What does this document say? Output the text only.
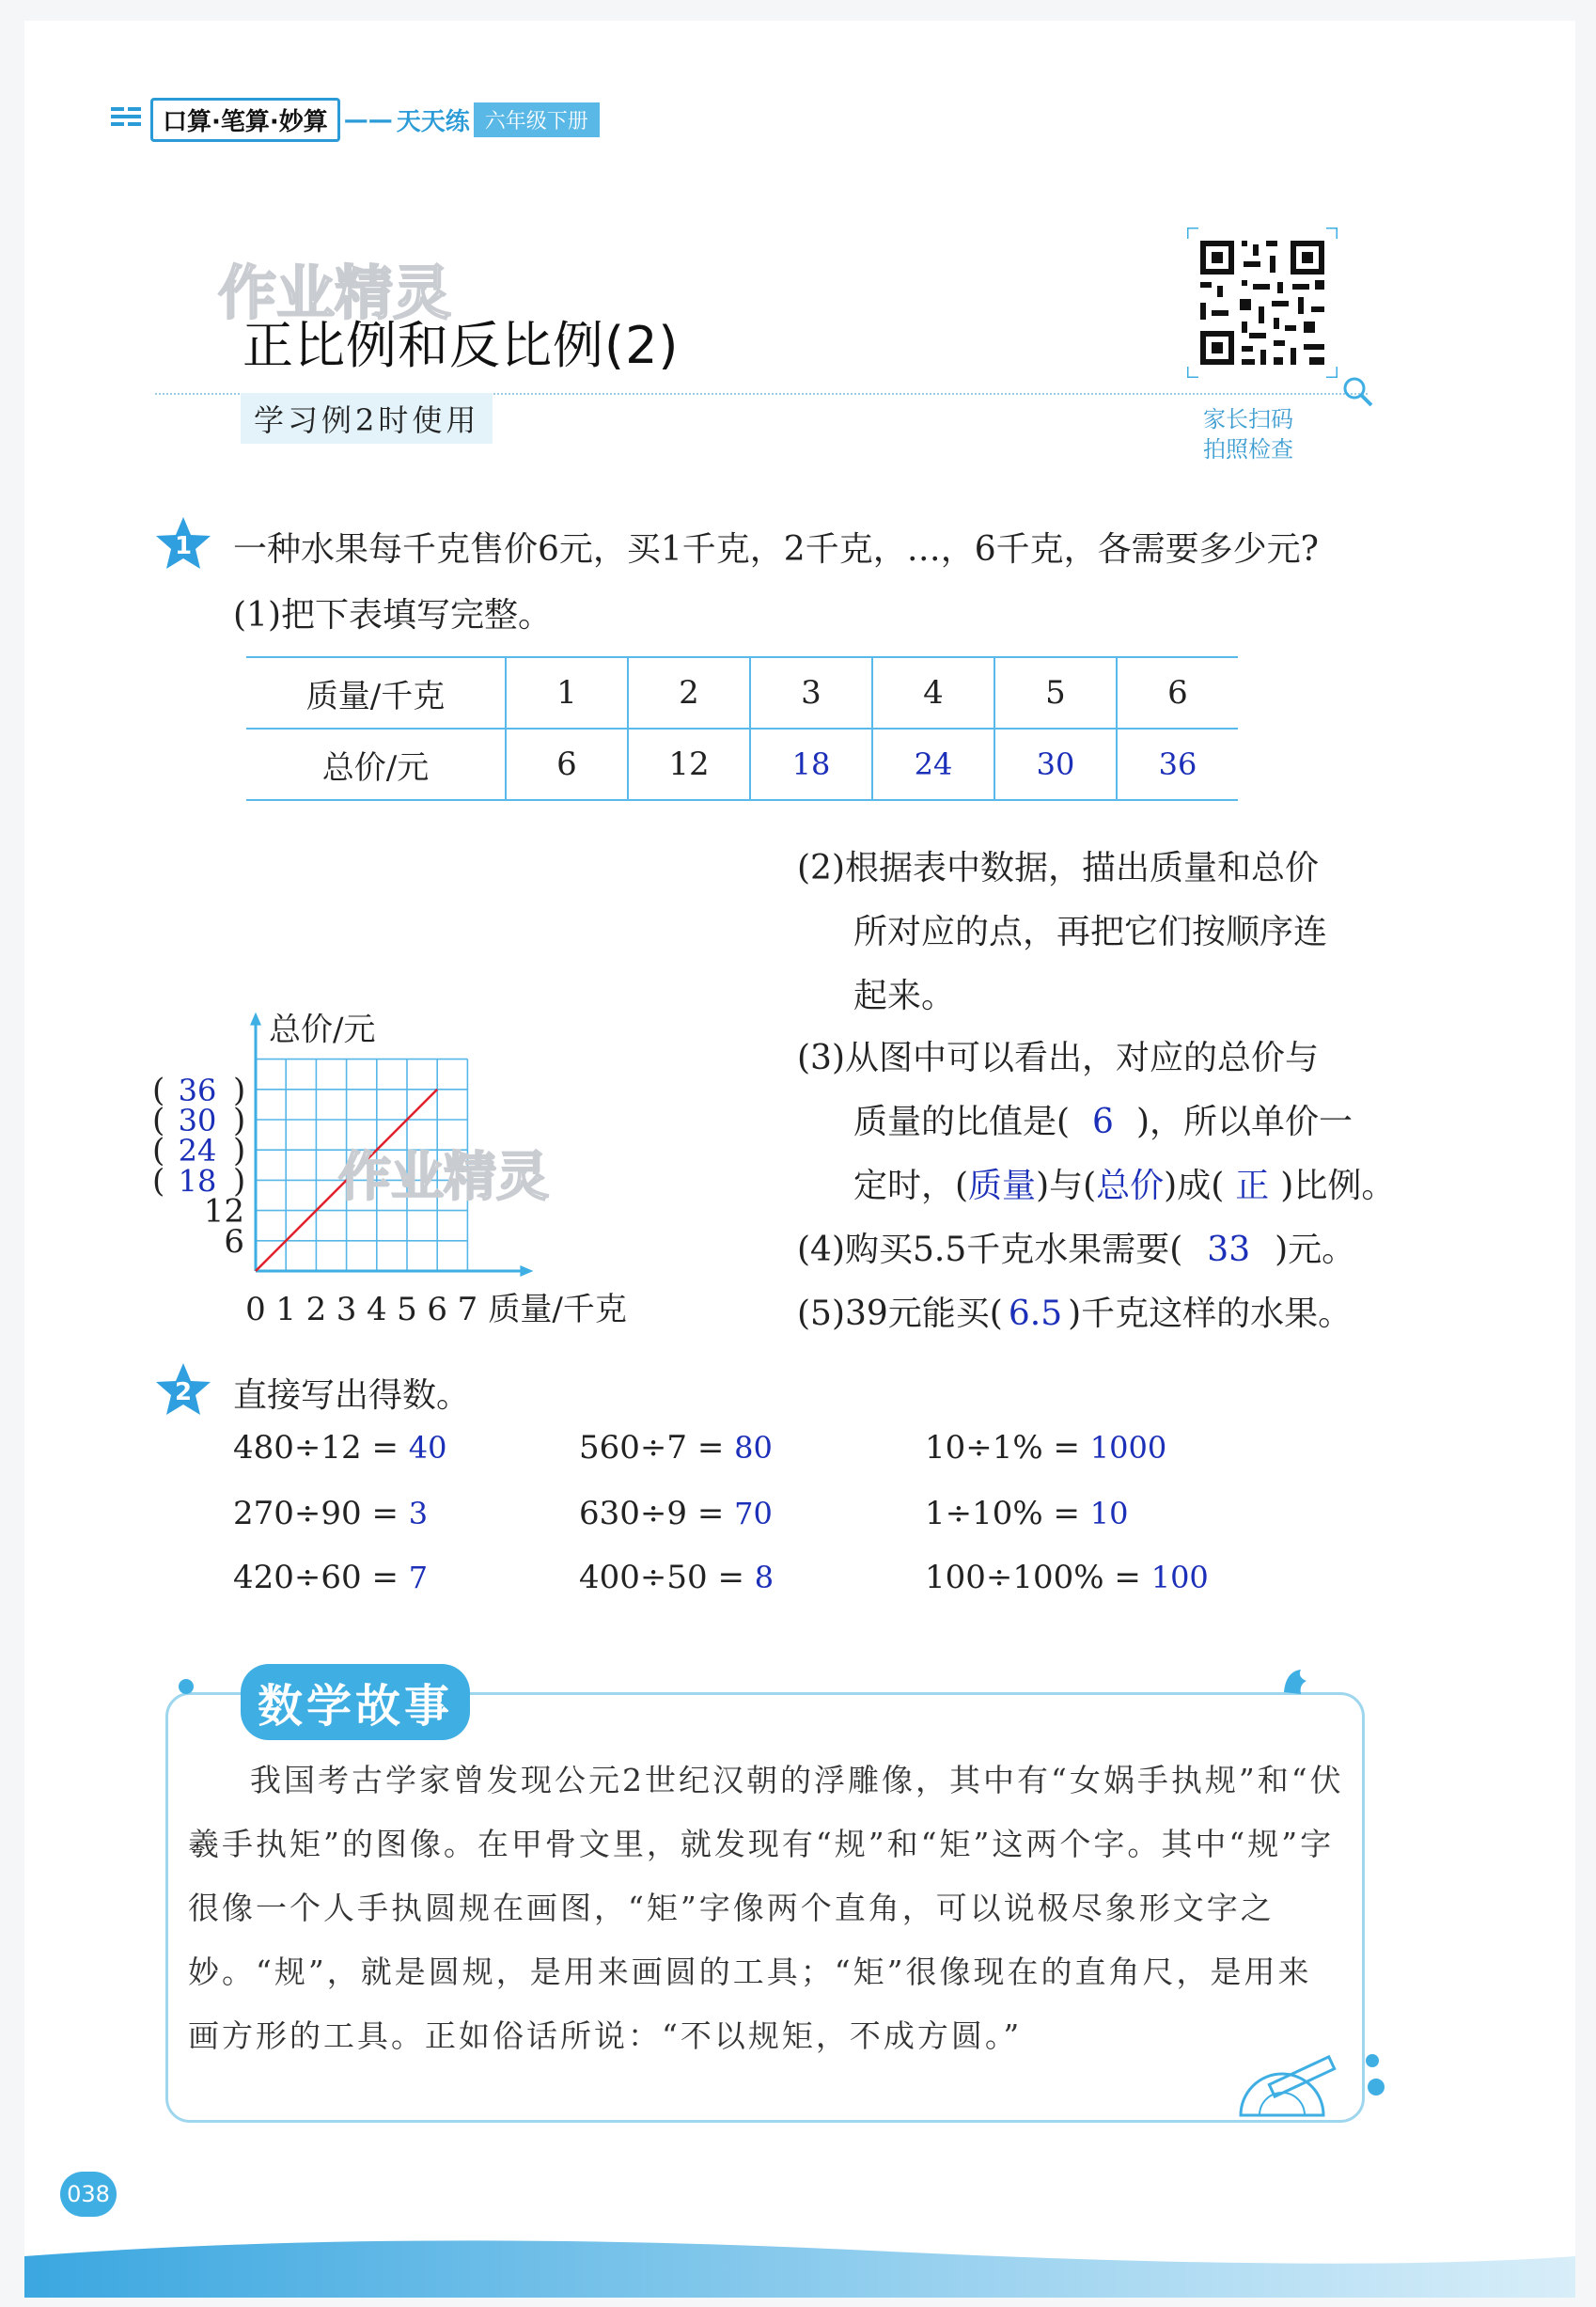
口算·笔算·妙算 —— 天天练 六年级下册
作业精灵
正比例和反比例(2)
学习例2时使用	家长扫码
拍照检查
1 一种水果每千克售价6元，买1千克，2千克，…，6千克，各需要多少元?
(1)把下表填写完整。
质量/千克	1	2	3	4	5	6
总价/元	6	12	18	24	30	36
0 1 2 3 4 5 6 7
6
12
( 18 )
( 24 )
( 30 )
( 36 )
总价/元
质量/千克
作业精灵
(2)根据表中数据，描出质量和总价
所对应的点，再把它们按顺序连
起来。
(3)从图中可以看出，对应的总价与
质量的比值是( 6 )，所以单价一
定时，(质量)与(总价)成( 正 )比例。
(4)购买5.5千克水果需要( 33 )元。
(5)39元能买( 6.5 )千克这样的水果。
2 直接写出得数。
480÷12 = 40	560÷7 = 80	10÷1% = 1000
270÷90 = 3	630÷9 = 70	1÷10% = 10
420÷60 = 7	400÷50 = 8	100÷100% = 100
数学故事
我国考古学家曾发现公元2世纪汉朝的浮雕像，其中有“女娲手执规”和“伏羲手执矩”的图像。在甲骨文里，就发现有“规”和“矩”这两个字。其中“规”字很像一个人手执圆规在画图，“矩”字像两个直角，可以说极尽象形文字之妙。“规”，就是圆规，是用来画圆的工具；“矩”很像现在的直角尺，是用来画方形的工具。正如俗话所说：“不以规矩，不成方圆。”
038
